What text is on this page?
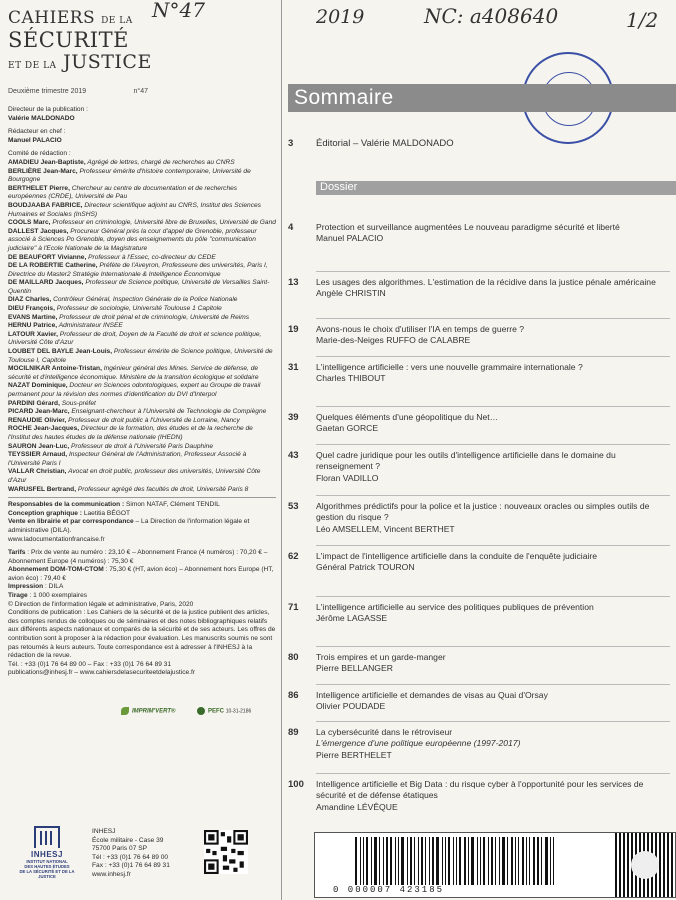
N°47	2019	NC: a408640	1/2
CAHIERS DE LA
SÉCURITÉ
ET DE LA JUSTICE
Deuxième trimestre 2019	n°47

Directeur de la publication :

Valérie MALDONADO

Rédacteur en chef :

Manuel PALACIO

Comité de rédaction :

AMADIEU Jean-Baptiste, Agrégé de lettres, chargé de recherches au CNRS

BERLIÈRE Jean-Marc, Professeur émérite d'histoire contemporaine, Université de Bourgogne

BERTHELET Pierre, Chercheur au centre de documentation et de recherches européennes (CRDE), Université de Pau

BOUDJAABA FABRICE, Directeur scientifique adjoint au CNRS, Institut des Sciences Humaines et Sociales (InSHS)

COOLS Marc, Professeur en criminologie, Université libre de Bruxelles, Université de Gand

DALLEST Jacques, Procureur Général près la cour d'appel de Grenoble, professeur associé à Sciences Po Grenoble, doyen des enseignements du pôle "communication judiciaire" à l'Ecole Nationale de la Magistrature

DE BEAUFORT Vivianne, Professeur à l'Essec, co-directeur du CEDE

DE LA ROBERTIE Catherine, Préfète de l'Aveyron, Professeure des universités, Paris I, Directrice du Master2 Stratégie Internationale & Intelligence Économique

DE MAILLARD Jacques, Professeur de Science politique, Université de Versailles Saint-Quentin

DIAZ Charles, Contrôleur Général, Inspection Générale de la Police Nationale

DIEU François, Professeur de sociologie, Université Toulouse 1 Capitole

EVANS Martine, Professeur de droit pénal et de criminologie, Université de Reims

HERNU Patrice, Administrateur INSEE

LATOUR Xavier, Professeur de droit, Doyen de la Faculté de droit et science politique, Université Côte d'Azur

LOUBET DEL BAYLE Jean-Louis, Professeur émérite de Science politique, Université de Toulouse I, Capitole

MOCILNIKAR Antoine-Tristan, Ingénieur général des Mines. Service de défense, de sécurité et d'intelligence économique. Ministère de la transition écologique et solidaire

NAZAT Dominique, Docteur en Sciences odontologiques, expert au Groupe de travail permanent pour la révision des normes d'identification du DVI d'Interpol

PARDINI Gérard, Sous-préfet

PICARD Jean-Marc, Enseignant-chercheur à l'Université de Technologie de Compiègne

RENAUDIE Olivier, Professeur de droit public à l'Université de Lorraine, Nancy

ROCHE Jean-Jacques, Directeur de la formation, des études et de la recherche de l'Institut des hautes études de la défense nationale (IHEDN)

SAURON Jean-Luc, Professeur de droit à l'Université Paris Dauphine

TEYSSIER Arnaud, Inspecteur Général de l'Administration, Professeur Associé à l'Université Paris I

VALLAR Christian, Avocat en droit public, professeur des universités, Université Côte d'Azur

WARUSFEL Bertrand, Professeur agrégé des facultés de droit, Université Paris 8

Responsables de la communication : Simon NATAF, Clément TENDIL

Conception graphique : Laetitia BÉGOT

Vente en librairie et par correspondance – La Direction de l'information légale et administrative (DILA).

www.ladocumentationfrancaise.fr

Tarifs : Prix de vente au numéro : 23,10 € – Abonnement France (4 numéros) : 70,20 € – Abonnement Europe (4 numéros) : 75,30 €

Abonnement DOM-TOM-CTOM : 75,30 € (HT, avion éco) – Abonnement hors Europe (HT, avion éco) : 79,40 €

Impression : DILA

Tirage : 1 000 exemplaires

© Direction de l'information légale et administrative, Paris, 2020

Conditions de publication : Les Cahiers de la sécurité et de la justice publient des articles, des comptes rendus de colloques ou de séminaires et des notes bibliographiques relatifs aux différents aspects nationaux et comparés de la sécurité et de ses acteurs. Les offres de contribution sont à proposer à la rédaction pour évaluation. Les manuscrits soumis ne sont pas retournés à leurs auteurs. Toute correspondance est à adresser à l'INHESJ à la rédaction de la revue.

Tél. : +33 (0)1 76 64 89 00 – Fax : +33 (0)1 76 64 89 31

publications@inhesj.fr – www.cahiersdelasecuriteetdelajustice.fr

IMPRIM'VERT®	PEFC 10-31-2186
INHESJ
INSTITUT NATIONAL
DES HAUTES ÉTUDES
DE LA SÉCURITÉ ET DE LA JUSTICE
INHESJ
École militaire - Case 39
75700 Paris 07 SP
Tél : +33 (0)1 76 64 89 00
Fax : +33 (0)1 76 64 89 31
www.inhesj.fr
Sommaire
3 Éditorial – Valérie MALDONADO
Dossier
4	Protection et surveillance augmentées Le nouveau paradigme sécurité et liberté
Manuel PALACIO
13 Les usages des algorithmes. L'estimation de la récidive dans la justice pénale américaine
Angèle CHRISTIN
19 Avons-nous le choix d'utiliser l'IA en temps de guerre ?
Marie-des-Neiges RUFFO de CALABRE
31 L'intelligence artificielle : vers une nouvelle grammaire internationale ?
Charles THIBOUT
39 Quelques éléments d'une géopolitique du Net…
Gaetan GORCE
43 Quel cadre juridique pour les outils d'intelligence artificielle dans le domaine du renseignement ?
Floran VADILLO
53 Algorithmes prédictifs pour la police et la justice : nouveaux oracles ou simples outils de gestion du risque ?
Léo AMSELLEM, Vincent BERTHET
62 L'impact de l'intelligence artificielle dans la conduite de l'enquête judiciaire
Général Patrick TOURON
71 L'intelligence artificielle au service des politiques publiques de prévention
Jérôme LAGASSE
80 Trois empires et un garde-manger
Pierre BELLANGER
86 Intelligence artificielle et demandes de visas au Quai d'Orsay
Olivier POUDADE
89 La cybersécurité dans le rétroviseur
L'émergence d'une politique européenne (1997-2017)
Pierre BERTHELET
100 Intelligence artificielle et Big Data : du risque cyber à l'opportunité pour les services de sécurité et de défense étatiques
Amandine LÉVÊQUE
0 000007 423185
